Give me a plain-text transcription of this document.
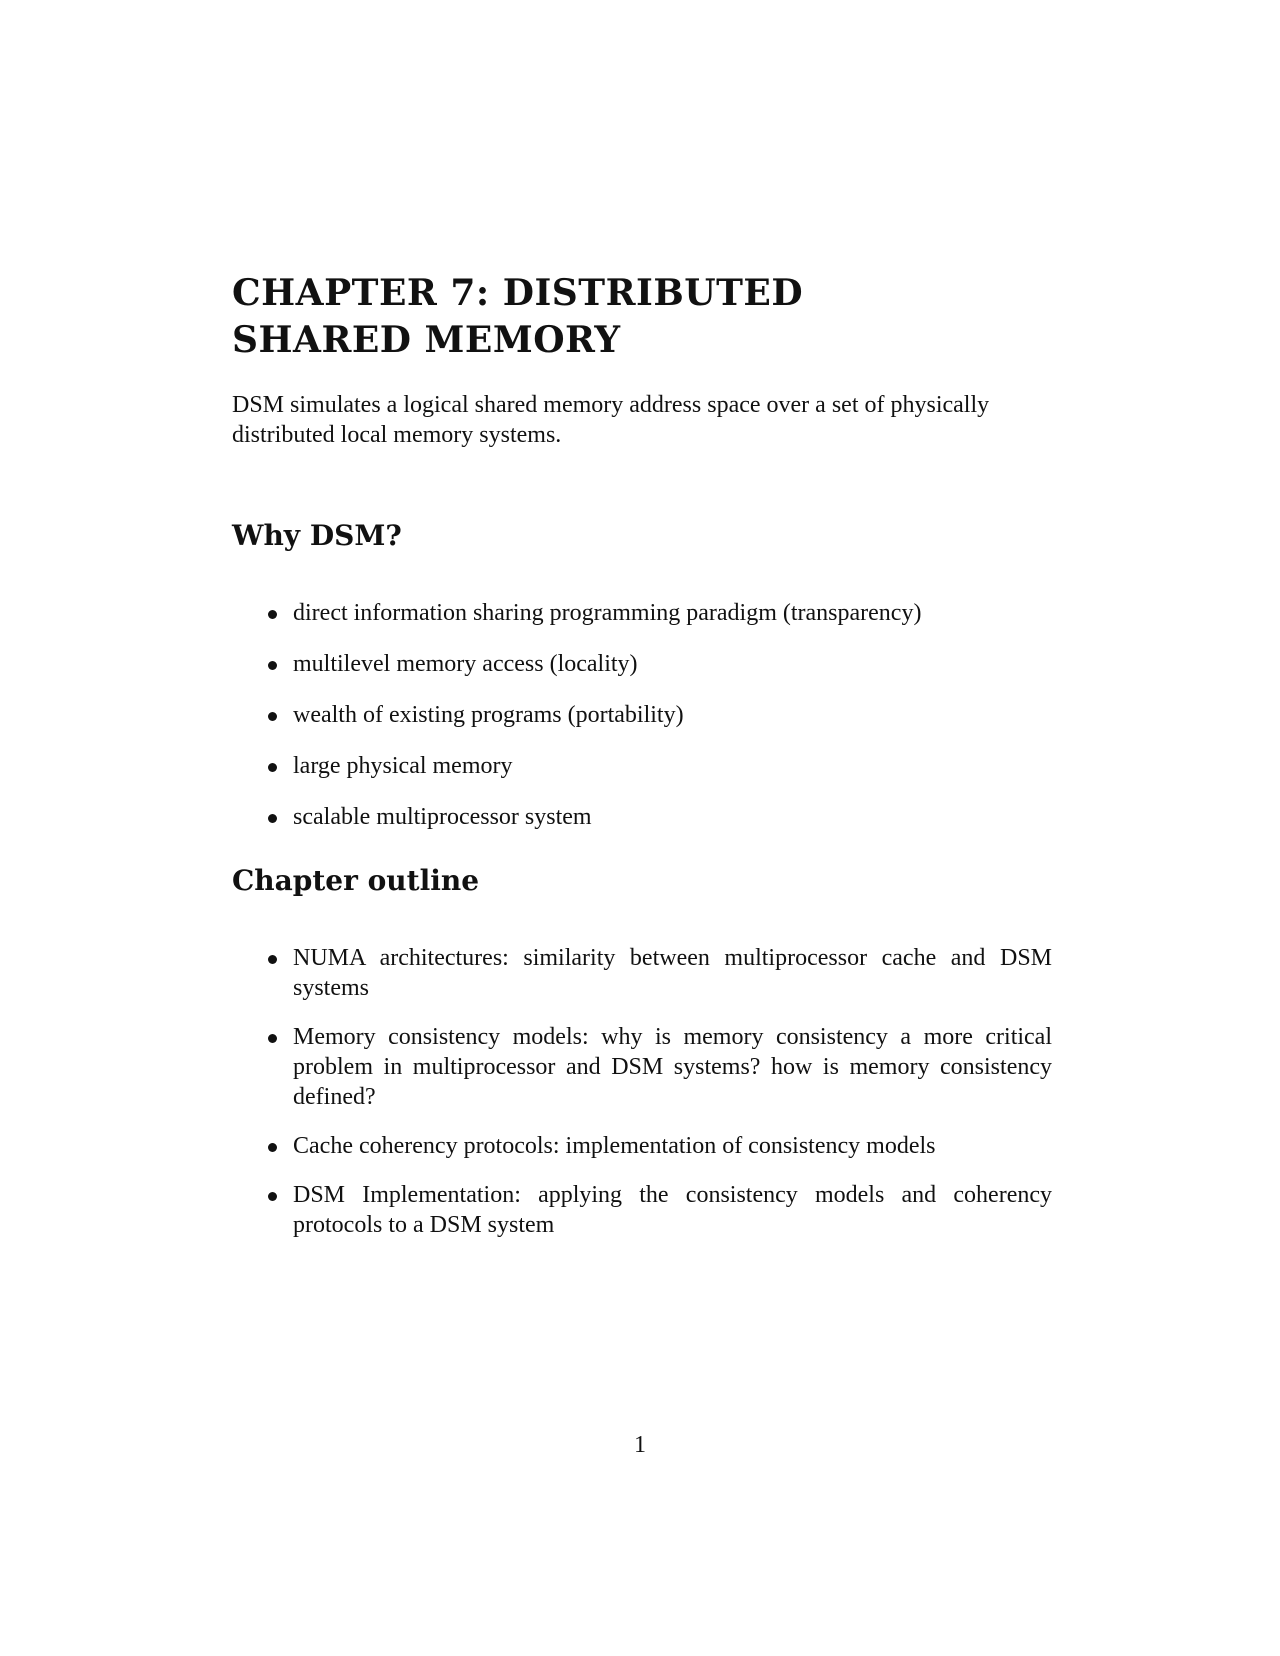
CHAPTER 7: DISTRIBUTED
SHARED MEMORY

DSM simulates a logical shared memory address space over a set of physically distributed local memory systems.

Why DSM?
direct information sharing programming paradigm (transparency)
multilevel memory access (locality)
wealth of existing programs (portability)
large physical memory
scalable multiprocessor system
Chapter outline
NUMA architectures: similarity between multiprocessor cache and DSM systems
Memory consistency models: why is memory consistency a more critical problem in multiprocessor and DSM systems? how is memory consistency defined?
Cache coherency protocols: implementation of consistency models
DSM Implementation: applying the consistency models and coherency protocols to a DSM system
1
